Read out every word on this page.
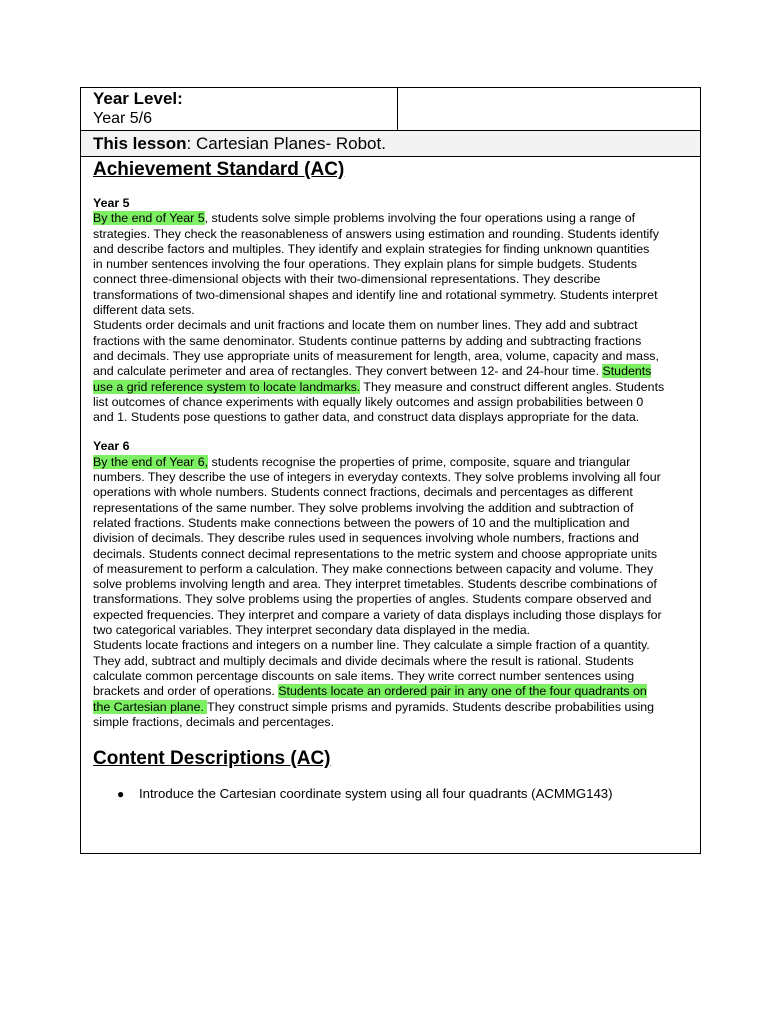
Year Level:
Year 5/6
This lesson: Cartesian Planes- Robot.
Achievement Standard (AC)
Year 5
By the end of Year 5, students solve simple problems involving the four operations using a range of
strategies. They check the reasonableness of answers using estimation and rounding. Students identify
and describe factors and multiples. They identify and explain strategies for finding unknown quantities
in number sentences involving the four operations. They explain plans for simple budgets. Students
connect three-dimensional objects with their two-dimensional representations. They describe
transformations of two-dimensional shapes and identify line and rotational symmetry. Students interpret
different data sets.
Students order decimals and unit fractions and locate them on number lines. They add and subtract
fractions with the same denominator. Students continue patterns by adding and subtracting fractions
and decimals. They use appropriate units of measurement for length, area, volume, capacity and mass,
and calculate perimeter and area of rectangles. They convert between 12- and 24-hour time. Students
use a grid reference system to locate landmarks. They measure and construct different angles. Students
list outcomes of chance experiments with equally likely outcomes and assign probabilities between 0
and 1. Students pose questions to gather data, and construct data displays appropriate for the data.
Year 6
By the end of Year 6, students recognise the properties of prime, composite, square and triangular
numbers. They describe the use of integers in everyday contexts. They solve problems involving all four
operations with whole numbers. Students connect fractions, decimals and percentages as different
representations of the same number. They solve problems involving the addition and subtraction of
related fractions. Students make connections between the powers of 10 and the multiplication and
division of decimals. They describe rules used in sequences involving whole numbers, fractions and
decimals. Students connect decimal representations to the metric system and choose appropriate units
of measurement to perform a calculation. They make connections between capacity and volume. They
solve problems involving length and area. They interpret timetables. Students describe combinations of
transformations. They solve problems using the properties of angles. Students compare observed and
expected frequencies. They interpret and compare a variety of data displays including those displays for
two categorical variables. They interpret secondary data displayed in the media.
Students locate fractions and integers on a number line. They calculate a simple fraction of a quantity.
They add, subtract and multiply decimals and divide decimals where the result is rational. Students
calculate common percentage discounts on sale items. They write correct number sentences using
brackets and order of operations. Students locate an ordered pair in any one of the four quadrants on
the Cartesian plane. They construct simple prisms and pyramids. Students describe probabilities using
simple fractions, decimals and percentages.
Content Descriptions (AC)
● Introduce the Cartesian coordinate system using all four quadrants (ACMMG143)
